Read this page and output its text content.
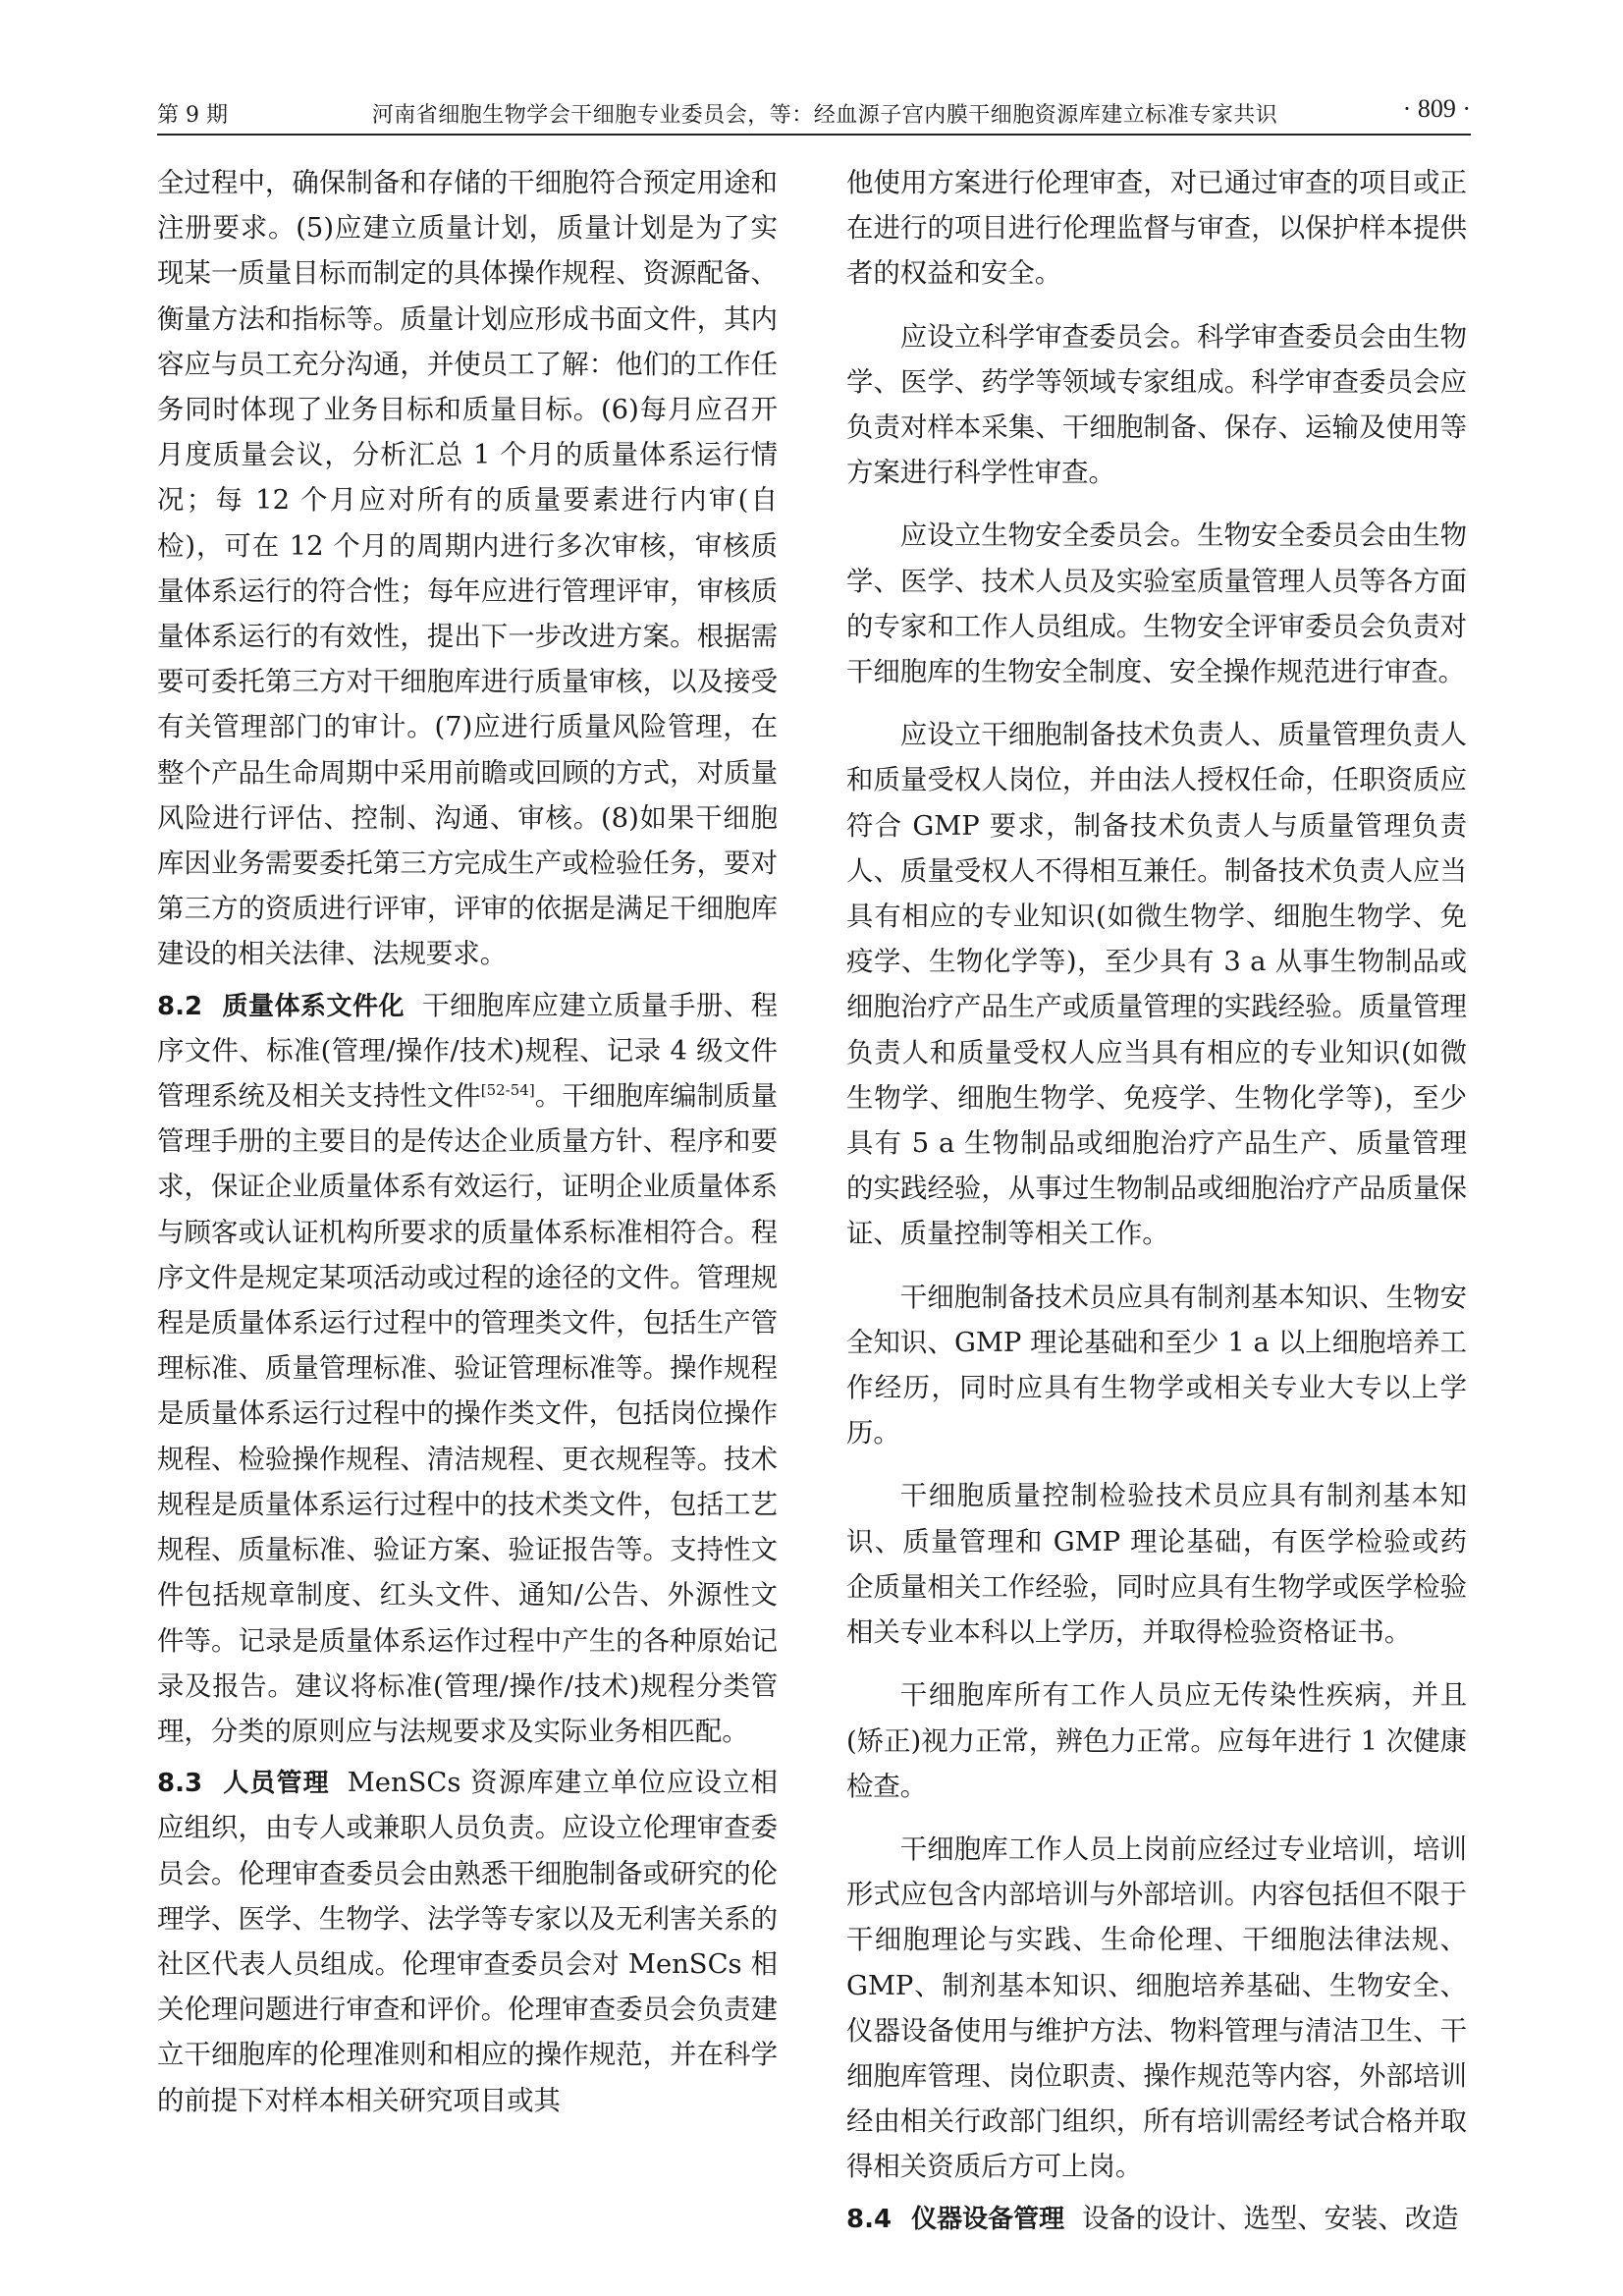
第 9 期	河南省细胞生物学会干细胞专业委员会，等：经血源子宫内膜干细胞资源库建立标准专家共识	· 809 ·

全过程中，确保制备和存储的干细胞符合预定用途和注册要求。(5)应建立质量计划，质量计划是为了实现某一质量目标而制定的具体操作规程、资源配备、衡量方法和指标等。质量计划应形成书面文件，其内容应与员工充分沟通，并使员工了解：他们的工作任务同时体现了业务目标和质量目标。(6)每月应召开月度质量会议，分析汇总 1 个月的质量体系运行情况；每 12 个月应对所有的质量要素进行内审(自检)，可在 12 个月的周期内进行多次审核，审核质量体系运行的符合性；每年应进行管理评审，审核质量体系运行的有效性，提出下一步改进方案。根据需要可委托第三方对干细胞库进行质量审核，以及接受有关管理部门的审计。(7)应进行质量风险管理，在整个产品生命周期中采用前瞻或回顾的方式，对质量风险进行评估、控制、沟通、审核。(8)如果干细胞库因业务需要委托第三方完成生产或检验任务，要对第三方的资质进行评审，评审的依据是满足干细胞库建设的相关法律、法规要求。

8.2 质量体系文件化 干细胞库应建立质量手册、程序文件、标准(管理/操作/技术)规程、记录 4 级文件管理系统及相关支持性文件[52-54]。干细胞库编制质量管理手册的主要目的是传达企业质量方针、程序和要求，保证企业质量体系有效运行，证明企业质量体系与顾客或认证机构所要求的质量体系标准相符合。程序文件是规定某项活动或过程的途径的文件。管理规程是质量体系运行过程中的管理类文件，包括生产管理标准、质量管理标准、验证管理标准等。操作规程是质量体系运行过程中的操作类文件，包括岗位操作规程、检验操作规程、清洁规程、更衣规程等。技术规程是质量体系运行过程中的技术类文件，包括工艺规程、质量标准、验证方案、验证报告等。支持性文件包括规章制度、红头文件、通知/公告、外源性文件等。记录是质量体系运作过程中产生的各种原始记录及报告。建议将标准(管理/操作/技术)规程分类管理，分类的原则应与法规要求及实际业务相匹配。

8.3 人员管理 MenSCs 资源库建立单位应设立相应组织，由专人或兼职人员负责。应设立伦理审查委员会。伦理审查委员会由熟悉干细胞制备或研究的伦理学、医学、生物学、法学等专家以及无利害关系的社区代表人员组成。伦理审查委员会对 MenSCs 相关伦理问题进行审查和评价。伦理审查委员会负责建立干细胞库的伦理准则和相应的操作规范，并在科学的前提下对样本相关研究项目或其

他使用方案进行伦理审查，对已通过审查的项目或正在进行的项目进行伦理监督与审查，以保护样本提供者的权益和安全。

应设立科学审查委员会。科学审查委员会由生物学、医学、药学等领域专家组成。科学审查委员会应负责对样本采集、干细胞制备、保存、运输及使用等方案进行科学性审查。

应设立生物安全委员会。生物安全委员会由生物学、医学、技术人员及实验室质量管理人员等各方面的专家和工作人员组成。生物安全评审委员会负责对干细胞库的生物安全制度、安全操作规范进行审查。

应设立干细胞制备技术负责人、质量管理负责人和质量受权人岗位，并由法人授权任命，任职资质应符合 GMP 要求，制备技术负责人与质量管理负责人、质量受权人不得相互兼任。制备技术负责人应当具有相应的专业知识(如微生物学、细胞生物学、免疫学、生物化学等)，至少具有 3 a 从事生物制品或细胞治疗产品生产或质量管理的实践经验。质量管理负责人和质量受权人应当具有相应的专业知识(如微生物学、细胞生物学、免疫学、生物化学等)，至少具有 5 a 生物制品或细胞治疗产品生产、质量管理的实践经验，从事过生物制品或细胞治疗产品质量保证、质量控制等相关工作。

干细胞制备技术员应具有制剂基本知识、生物安全知识、GMP 理论基础和至少 1 a 以上细胞培养工作经历，同时应具有生物学或相关专业大专以上学历。

干细胞质量控制检验技术员应具有制剂基本知识、质量管理和 GMP 理论基础，有医学检验或药企质量相关工作经验，同时应具有生物学或医学检验相关专业本科以上学历，并取得检验资格证书。

干细胞库所有工作人员应无传染性疾病，并且(矫正)视力正常，辨色力正常。应每年进行 1 次健康检查。

干细胞库工作人员上岗前应经过专业培训，培训形式应包含内部培训与外部培训。内容包括但不限于干细胞理论与实践、生命伦理、干细胞法律法规、GMP、制剂基本知识、细胞培养基础、生物安全、仪器设备使用与维护方法、物料管理与清洁卫生、干细胞库管理、岗位职责、操作规范等内容，外部培训经由相关行政部门组织，所有培训需经考试合格并取得相关资质后方可上岗。

8.4 仪器设备管理 设备的设计、选型、安装、改造
